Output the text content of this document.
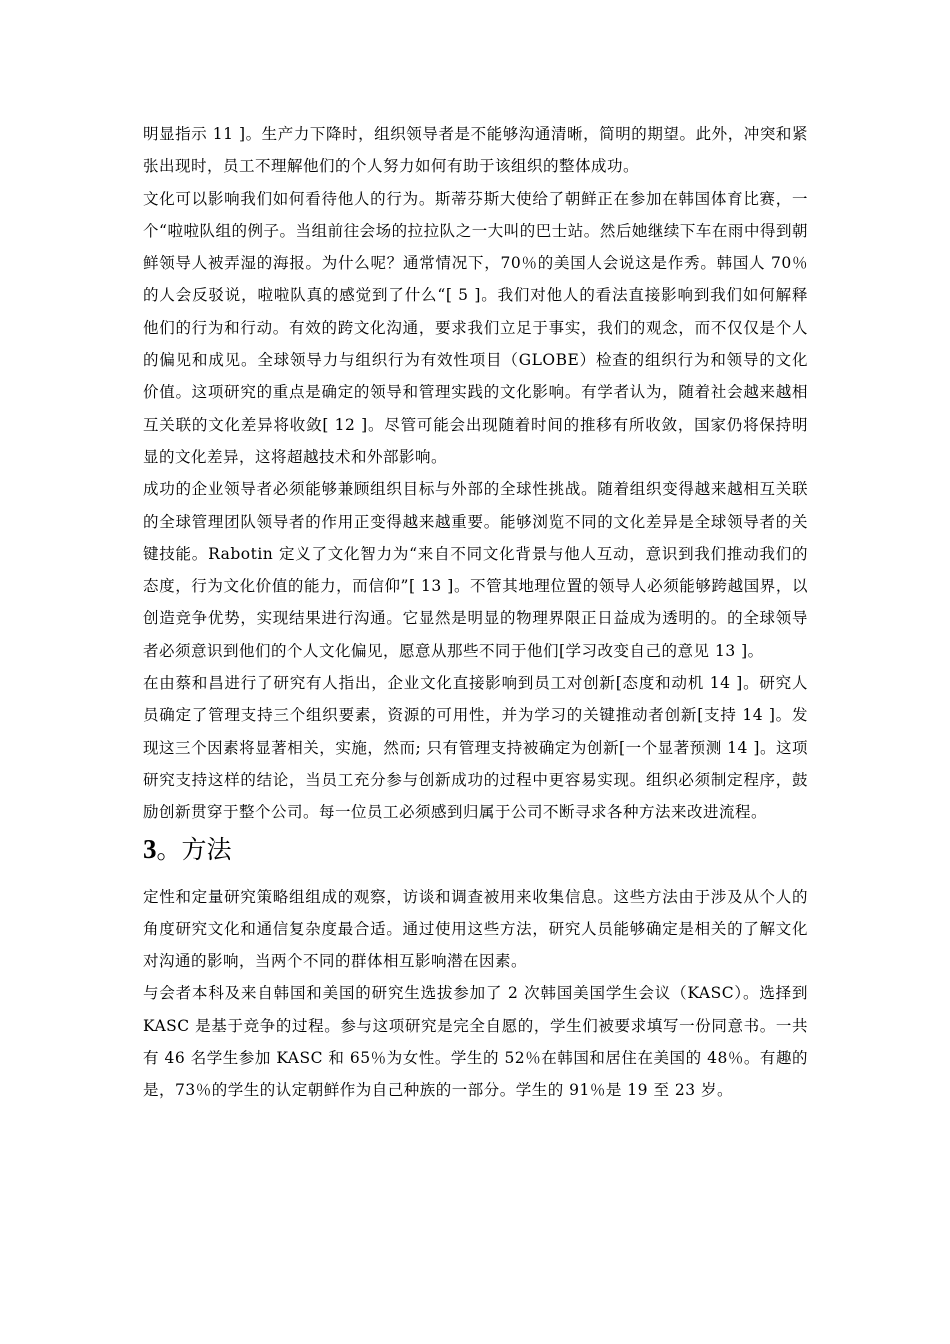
明显指示 11 ]。生产力下降时，组织领导者是不能够沟通清晰，简明的期望。此外，冲突和紧张出现时，员工不理解他们的个人努力如何有助于该组织的整体成功。

文化可以影响我们如何看待他人的行为。斯蒂芬斯大使给了朝鲜正在参加在韩国体育比赛，一个“啦啦队组的例子。当组前往会场的拉拉队之一大叫的巴士站。然后她继续下车在雨中得到朝鲜领导人被弄湿的海报。为什么呢？通常情况下，70％的美国人会说这是作秀。韩国人 70％的人会反驳说，啦啦队真的感觉到了什么“[ 5 ]。我们对他人的看法直接影响到我们如何解释他们的行为和行动。有效的跨文化沟通，要求我们立足于事实，我们的观念，而不仅仅是个人的偏见和成见。全球领导力与组织行为有效性项目（GLOBE）检查的组织行为和领导的文化价值。这项研究的重点是确定的领导和管理实践的文化影响。有学者认为，随着社会越来越相互关联的文化差异将收敛[ 12 ]。尽管可能会出现随着时间的推移有所收敛，国家仍将保持明显的文化差异，这将超越技术和外部影响。

成功的企业领导者必须能够兼顾组织目标与外部的全球性挑战。随着组织变得越来越相互关联的全球管理团队领导者的作用正变得越来越重要。能够浏览不同的文化差异是全球领导者的关键技能。Rabotin 定义了文化智力为“来自不同文化背景与他人互动，意识到我们推动我们的态度，行为文化价值的能力，而信仰”[ 13 ]。不管其地理位置的领导人必须能够跨越国界，以创造竞争优势，实现结果进行沟通。它显然是明显的物理界限正日益成为透明的。的全球领导者必须意识到他们的个人文化偏见，愿意从那些不同于他们[学习改变自己的意见 13 ]。

在由蔡和昌进行了研究有人指出，企业文化直接影响到员工对创新[态度和动机 14 ]。研究人员确定了管理支持三个组织要素，资源的可用性，并为学习的关键推动者创新[支持 14 ]。发现这三个因素将显著相关，实施，然而; 只有管理支持被确定为创新[一个显著预测 14 ]。这项研究支持这样的结论，当员工充分参与创新成功的过程中更容易实现。组织必须制定程序，鼓励创新贯穿于整个公司。每一位员工必须感到归属于公司不断寻求各种方法来改进流程。

3。方法

定性和定量研究策略组组成的观察，访谈和调查被用来收集信息。这些方法由于涉及从个人的角度研究文化和通信复杂度最合适。通过使用这些方法，研究人员能够确定是相关的了解文化对沟通的影响，当两个不同的群体相互影响潜在因素。

与会者本科及来自韩国和美国的研究生选拔参加了 2 次韩国美国学生会议（KASC）。选择到 KASC 是基于竞争的过程。参与这项研究是完全自愿的，学生们被要求填写一份同意书。一共有 46 名学生参加 KASC 和 65％为女性。学生的 52％在韩国和居住在美国的 48％。有趣的是，73％的学生的认定朝鲜作为自己种族的一部分。学生的 91％是 19 至 23 岁。
